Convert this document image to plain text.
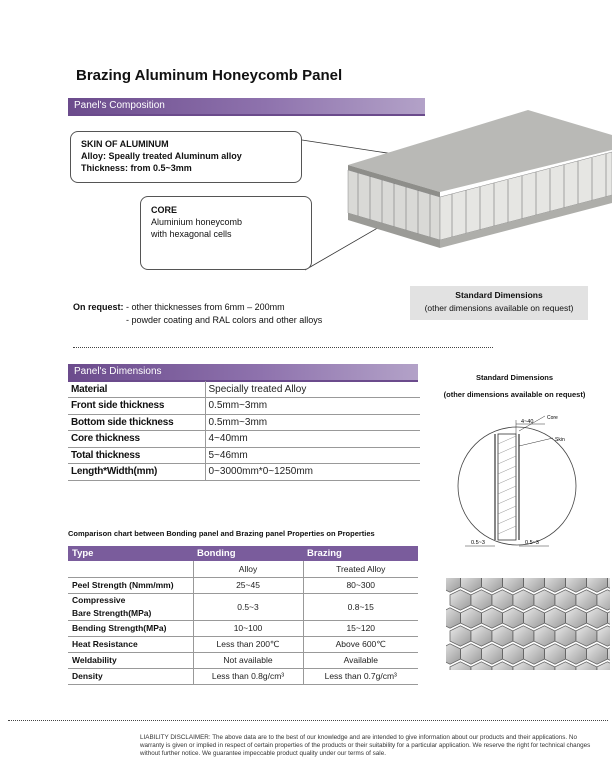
Brazing Aluminum Honeycomb Panel
Panel's Composition
SKIN OF ALUMINUM
Alloy: Speally treated Aluminum alloy
Thickness: from 0.5~3mm
CORE
Aluminium honeycomb
with hexagonal cells
On request: - other thicknesses from 6mm – 200mm
- powder coating and RAL colors and other alloys
Standard Dimensions
(other dimensions available on request)
Panel's Dimensions
Material	Specially treated Alloy
Front side thickness	0.5mm~3mm
Bottom side thickness	0.5mm~3mm
Core thickness	4~40mm
Total thickness	5~46mm
Length*Width(mm)	0~3000mm*0~1250mm
Standard Dimensions
(other dimensions available on request)
4~40
Core
Skin
0.5~3	0.5~3
Comparison chart between Bonding panel and Brazing panel Properties on Properties
Type	Bonding	Brazing
	Alloy	Treated Alloy
Peel Strength (Nmm/mm)	25~45	80~300

Compressive
Bare Strength(MPa)	0.5~3	0.8~15
Bending Strength(MPa)	10~100	15~120
Heat Resistance	Less than 200℃	Above 600℃
Weldability	Not available	Available
Density	Less than 0.8g/cm³	Less than 0.7g/cm³
LIABILITY DISCLAIMER: The above data are to the best of our knowledge and are intended to give information about our products and their applications. No warranty is given or implied in respect of certain properties of the products or their suitability for a particular application. We reserve the right for technical changes without further notice. We guarantee impeccable product quality under our terms of sale.
